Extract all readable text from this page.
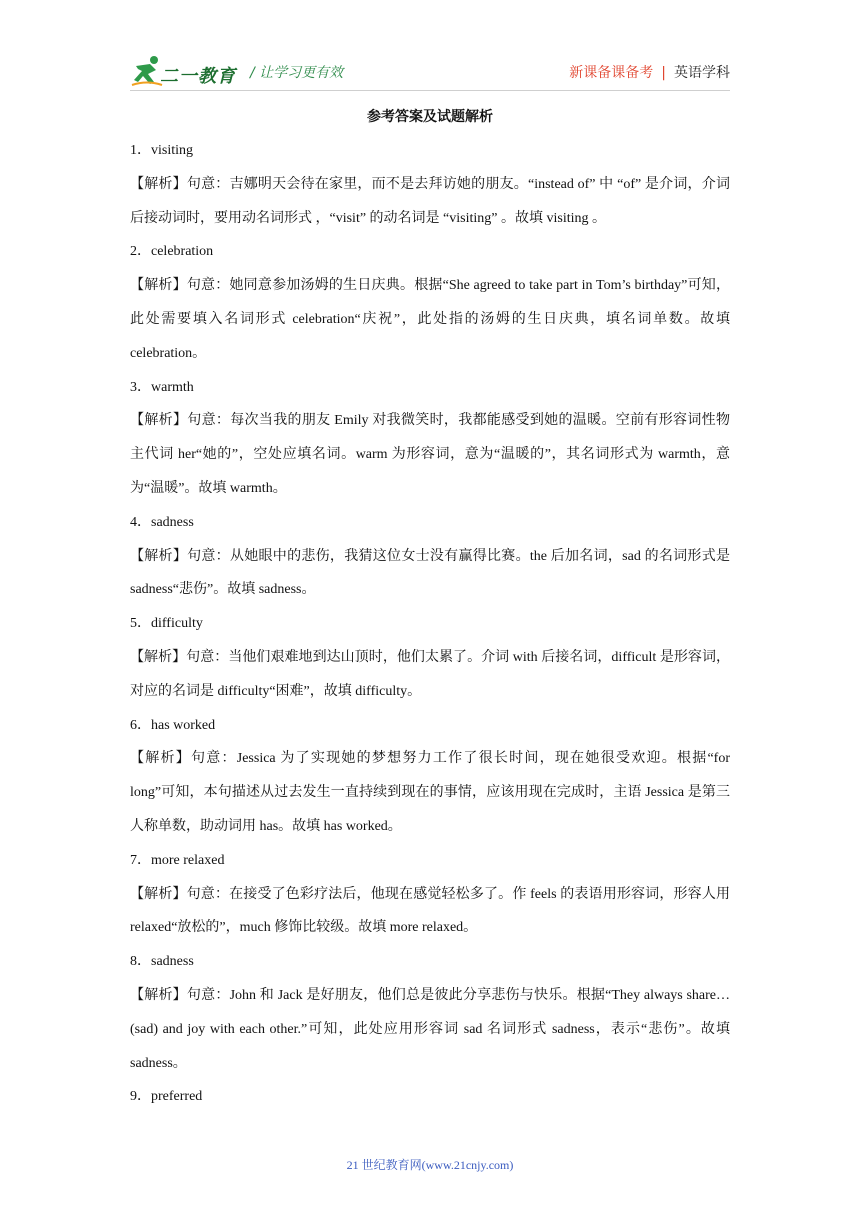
二一教育 / 让学习更有效	新课备课备考 | 英语学科
参考答案及试题解析
1．visiting
【解析】句意：吉娜明天会待在家里，而不是去拜访她的朋友。“instead of” 中 “of” 是介词，介词后接动词时，要用动名词形式 ，“visit” 的动名词是 “visiting” 。故填 visiting 。
2．celebration
【解析】句意：她同意参加汤姆的生日庆典。根据“She agreed to take part in Tom’s birthday”可知，此处需要填入名词形式 celebration“庆祝”，此处指的汤姆的生日庆典，填名词单数。故填 celebration。
3．warmth
【解析】句意：每次当我的朋友 Emily 对我微笑时，我都能感受到她的温暖。空前有形容词性物主代词 her“她的”，空处应填名词。warm 为形容词，意为“温暖的”，其名词形式为 warmth，意为“温暖”。故填 warmth。
4．sadness
【解析】句意：从她眼中的悲伤，我猜这位女士没有赢得比赛。the 后加名词，sad 的名词形式是 sadness“悲伤”。故填 sadness。
5．difficulty
【解析】句意：当他们艰难地到达山顶时，他们太累了。介词 with 后接名词，difficult 是形容词，对应的名词是 difficulty“困难”，故填 difficulty。
6．has worked
【解析】句意：Jessica 为了实现她的梦想努力工作了很长时间，现在她很受欢迎。根据“for long”可知，本句描述从过去发生一直持续到现在的事情，应该用现在完成时，主语 Jessica 是第三人称单数，助动词用 has。故填 has worked。
7．more relaxed
【解析】句意：在接受了色彩疗法后，他现在感觉轻松多了。作 feels 的表语用形容词，形容人用 relaxed“放松的”，much 修饰比较级。故填 more relaxed。
8．sadness
【解析】句意：John 和 Jack 是好朋友，他们总是彼此分享悲伤与快乐。根据“They always share…(sad) and joy with each other.”可知，此处应用形容词 sad 名词形式 sadness，表示“悲伤”。故填 sadness。
9．preferred
21 世纪教育网(www.21cnjy.com)
